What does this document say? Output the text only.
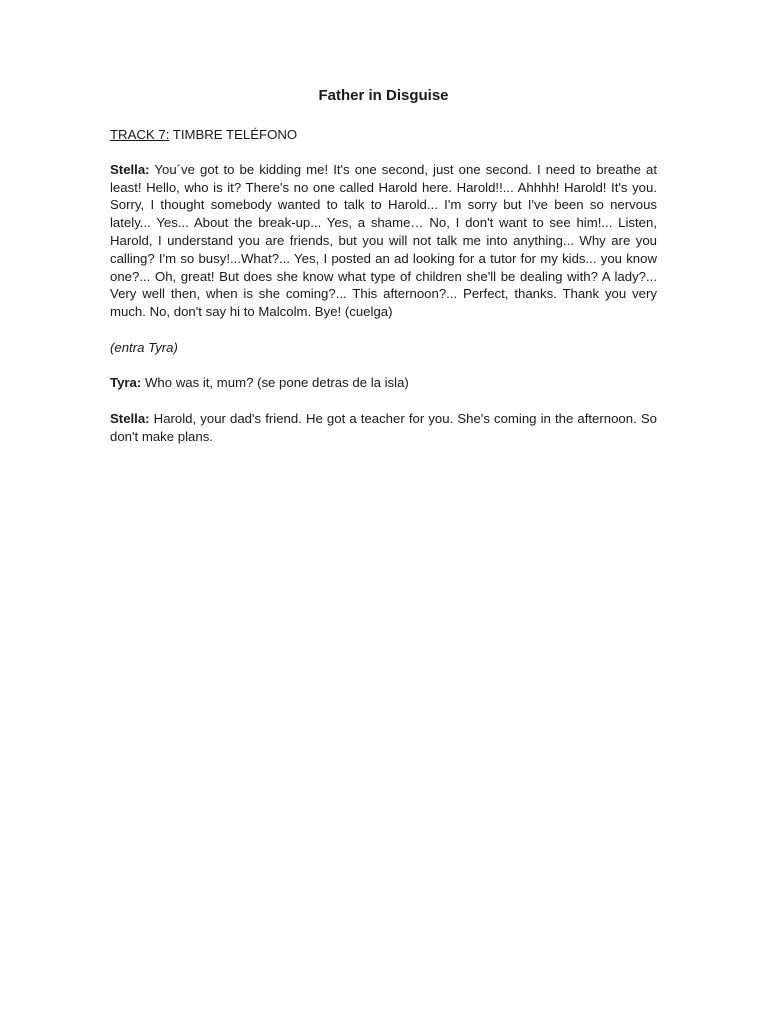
Father in Disguise
TRACK 7: TIMBRE TELÉFONO

Stella: You´ve got to be kidding me! It's one second, just one second. I need to breathe at least! Hello, who is it? There's no one called Harold here. Harold!!... Ahhhh! Harold! It's you. Sorry, I thought somebody wanted to talk to Harold... I'm sorry but I've been so nervous lately... Yes... About the break-up... Yes, a shame… No, I don't want to see him!... Listen, Harold, I understand you are friends, but you will not talk me into anything... Why are you calling? I'm so busy!...What?... Yes, I posted an ad looking for a tutor for my kids... you know one?... Oh, great! But does she know what type of children she'll be dealing with? A lady?... Very well then, when is she coming?... This afternoon?... Perfect, thanks. Thank you very much. No, don't say hi to Malcolm. Bye! (cuelga)

(entra Tyra)

Tyra: Who was it, mum? (se pone detras de la isla)

Stella: Harold, your dad's friend. He got a teacher for you. She's coming in the afternoon. So don't make plans.
